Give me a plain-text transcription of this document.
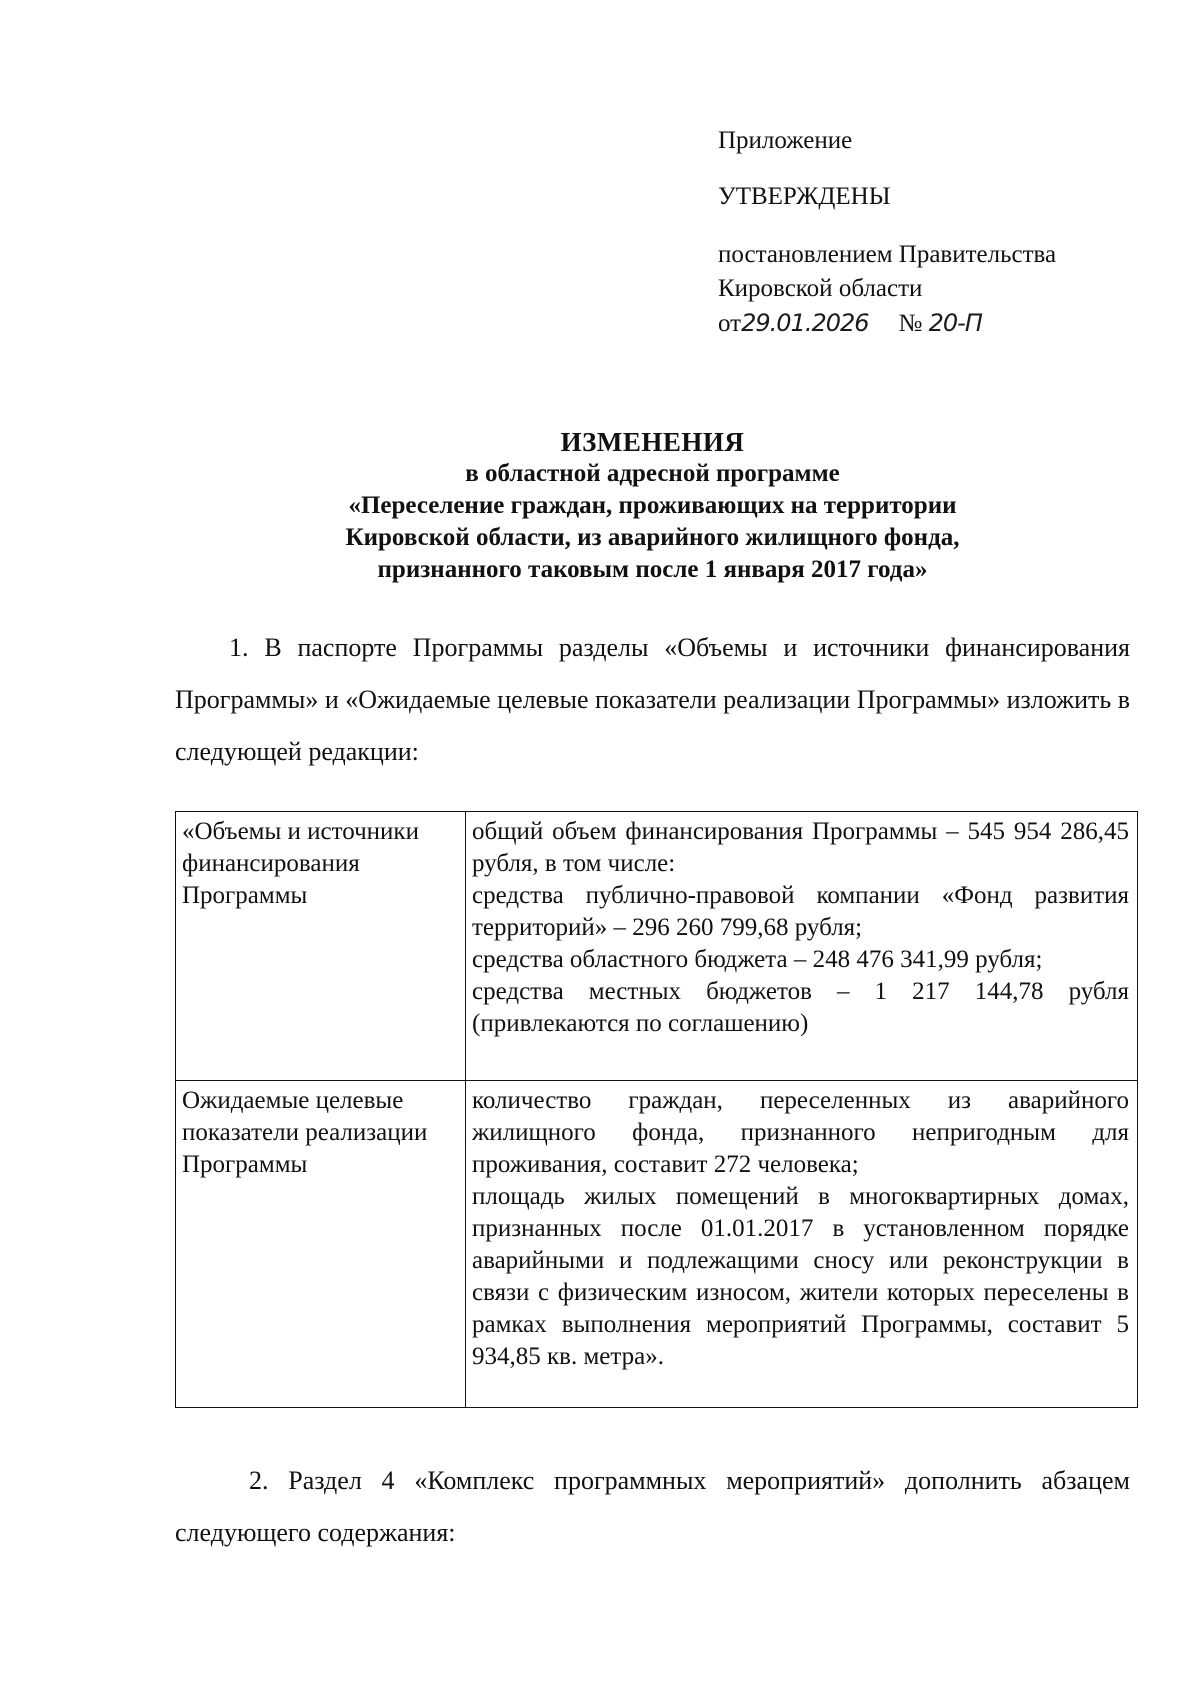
Приложение
УТВЕРЖДЕНЫ
постановлением Правительства
Кировской области
от29.01.2026 № 20-П
ИЗМЕНЕНИЯ
в областной адресной программе
«Переселение граждан, проживающих на территории
Кировской области, из аварийного жилищного фонда,
признанного таковым после 1 января 2017 года»
1. В паспорте Программы разделы «Объемы и источники финансирования Программы» и «Ожидаемые целевые показатели реализации Программы» изложить в следующей редакции:
«Объемы и источники финансирования Программы	общий объем финансирования Программы – 545 954 286,45 рубля, в том числе:

средства публично-правовой компании «Фонд развития территорий» – 296 260 799,68 рубля;

средства областного бюджета – 248 476 341,99 рубля;

средства местных бюджетов – 1 217 144,78 рубля (привлекаются по соглашению)

Ожидаемые целевые показатели реализации Программы	количество граждан, переселенных из аварийного жилищного фонда, признанного непригодным для проживания, составит 272 человека;

площадь жилых помещений в многоквартирных домах, признанных после 01.01.2017 в установленном порядке аварийными и подлежащими сносу или реконструкции в связи с физическим износом, жители которых переселены в рамках выполнения мероприятий Программы, составит 5 934,85 кв. метра».

2. Раздел 4 «Комплекс программных мероприятий» дополнить абзацем следующего содержания:
